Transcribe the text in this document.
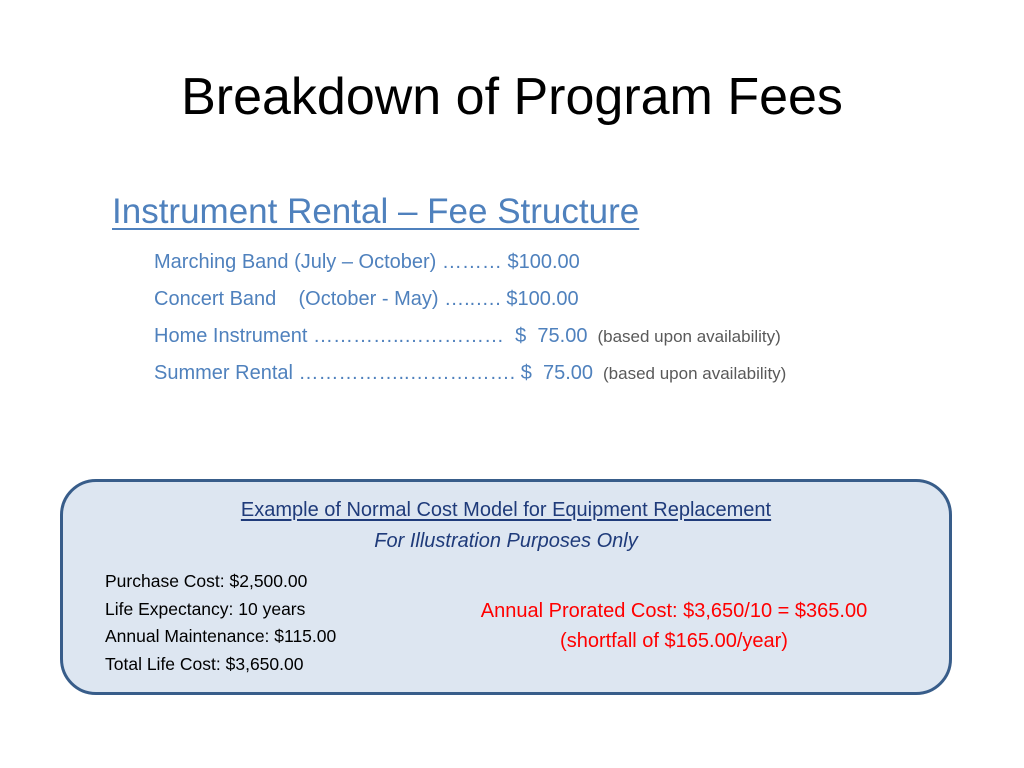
Breakdown of Program Fees
Instrument Rental – Fee Structure
Marching Band (July – October) ……… $100.00
Concert Band    (October - May) …..…. $100.00
Home Instrument …………..……………  $  75.00 (based upon availability)
Summer Rental ……………..……………. $  75.00 (based upon availability)
Example of Normal Cost Model for Equipment Replacement
For Illustration Purposes Only
Purchase Cost: $2,500.00
Life Expectancy: 10 years
Annual Maintenance: $115.00
Total Life Cost: $3,650.00
Annual Prorated Cost: $3,650/10 = $365.00
(shortfall of $165.00/year)
